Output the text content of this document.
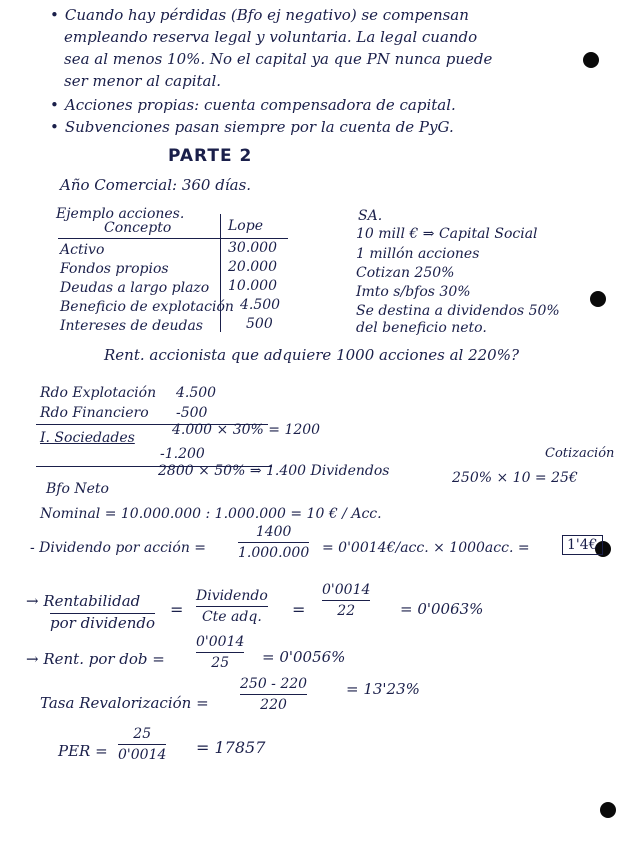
• Cuando hay pérdidas (Bfo ej negativo) se compensan
empleando reserva legal y voluntaria. La legal cuando
sea al menos 10%. No el capital ya que PN nunca puede
ser menor al capital.
• Acciones propias: cuenta compensadora de capital.
• Subvenciones pasan siempre por la cuenta de PyG.
PARTE 2
Año Comercial: 360 días.
Ejemplo acciones.
Concepto	Lope
Activo	30.000
Fondos propios	20.000
Deudas a largo plazo 10.000
Beneficio de explotación 4.500
Intereses de deudas	500
SA.
10 mill € ⇒ Capital Social
1 millón acciones
Cotizan 250%
Imto s/bfos 30%
Se destina a dividendos 50%
del beneficio neto.
Rent. accionista que adquiere 1000 acciones al 220%?
Rdo Explotación 4.500
Rdo Financiero -500
I. Sociedades	4.000 × 30% = 1200
-1.200
Bfo Neto
2800 × 50% ⇒ 1.400 Dividendos
Cotización
250% × 10 = 25€
Nominal = 10.000.000 : 1.000.000 = 10 € / Acc.
- Dividendo por acción =
1400
1.000.000 = 0'0014€/acc. × 1000acc. =	1'4€
→ Rentabilidad
por dividendo
=
Dividendo
Cte adq. =
0'0014
22	= 0'0063%
→ Rent. por dob =
0'0014
25 = 0'0056%
Tasa Revalorización =
250 - 220
220
= 13'23%
PER =
25
0'0014 = 17857
